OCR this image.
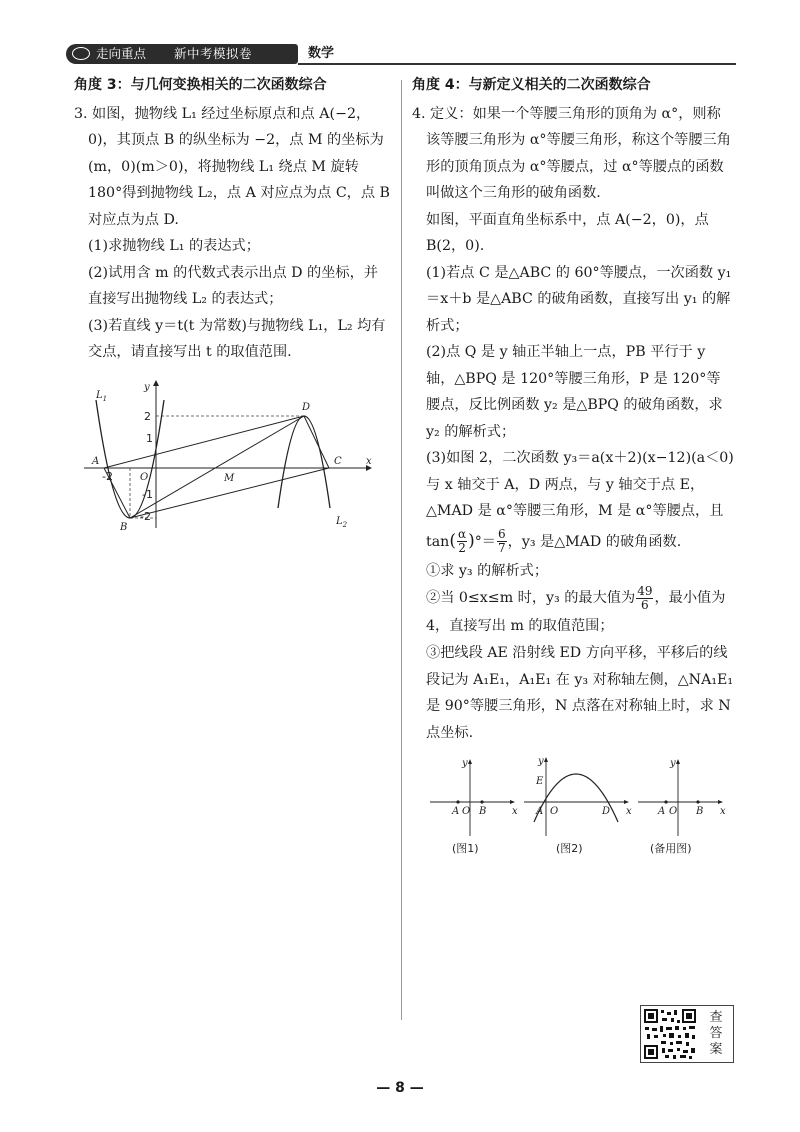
走向重点 新中考模拟卷	数学

角度 3：与几何变换相关的二次函数综合

3. 如图，抛物线 L₁ 经过坐标原点和点 A(−2，0)，其顶点 B 的纵坐标为 −2，点 M 的坐标为 (m，0)(m＞0)，将抛物线 L₁ 绕点 M 旋转 180°得到抛物线 L₂，点 A 对应点为点 C，点 B 对应点为点 D.

(1)求抛物线 L₁ 的表达式；

(2)试用含 m 的代数式表示出点 D 的坐标，并直接写出抛物线 L₂ 的表达式；

(3)若直线 y＝t(t 为常数)与抛物线 L₁，L₂ 均有交点，请直接写出 t 的取值范围.

$L_1$
$L_2$
y
x
A
O	M
C
D
B
2
1
-2
-2
-1

角度 4：与新定义相关的二次函数综合

4. 定义：如果一个等腰三角形的顶角为 α°，则称该等腰三角形为 α°等腰三角形，称这个等腰三角形的顶角顶点为 α°等腰点，过 α°等腰点的函数叫做这个三角形的破角函数.

如图，平面直角坐标系中，点 A(−2，0)，点 B(2，0).

(1)若点 C 是△ABC 的 60°等腰点，一次函数 y₁＝x＋b 是△ABC 的破角函数，直接写出 y₁ 的解析式；

(2)点 Q 是 y 轴正半轴上一点，PB 平行于 y 轴，△BPQ 是 120°等腰三角形，P 是 120°等腰点，反比例函数 y₂ 是△BPQ 的破角函数，求 y₂ 的解析式；

(3)如图 2，二次函数 y₃＝a(x＋2)(x−12)(a＜0)与 x 轴交于 A，D 两点，与 y 轴交于点 E，△MAD 是 α°等腰三角形，M 是 α°等腰点，且

$\tan( \frac{\alpha}{2}$ )°＝ $\frac{6}{7}$ ，y₃ 是△MAD 的破角函数.

①求 y₃ 的解析式；

②当 0≤x≤m 时，y₃ 的最大值为 $\frac{49}{6}$ ，最小值为 4，直接写出 m 的取值范围；

③把线段 AE 沿射线 ED 方向平移，平移后的线段记为 A₁E₁，A₁E₁ 在 y₃ 对称轴左侧，△NA₁E₁ 是 90°等腰三角形，N 点落在对称轴上时，求 N 点坐标.

y
x
A O B
(图1)
y
x
E
A O	D
(图2)
y
x
A O B
(备用图)
查
答
案
— 8 —
